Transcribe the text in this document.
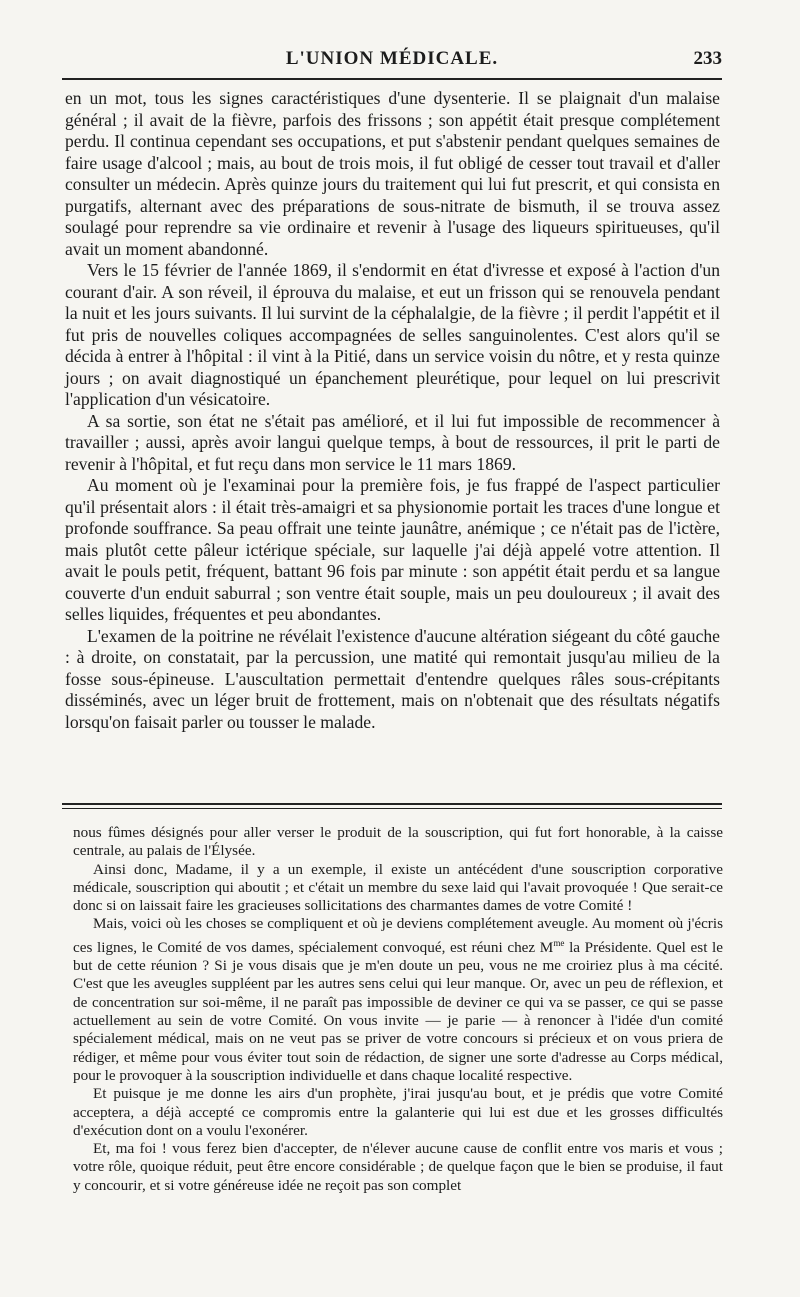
L'UNION MÉDICALE.	233

en un mot, tous les signes caractéristiques d'une dysenterie. Il se plaignait d'un malaise général ; il avait de la fièvre, parfois des frissons ; son appétit était presque complétement perdu. Il continua cependant ses occupations, et put s'abstenir pendant quelques semaines de faire usage d'alcool ; mais, au bout de trois mois, il fut obligé de cesser tout travail et d'aller consulter un médecin. Après quinze jours du traitement qui lui fut prescrit, et qui consista en purgatifs, alternant avec des préparations de sous-nitrate de bismuth, il se trouva assez soulagé pour reprendre sa vie ordinaire et revenir à l'usage des liqueurs spiritueuses, qu'il avait un moment abandonné.

Vers le 15 février de l'année 1869, il s'endormit en état d'ivresse et exposé à l'action d'un courant d'air. A son réveil, il éprouva du malaise, et eut un frisson qui se renouvela pendant la nuit et les jours suivants. Il lui survint de la céphalalgie, de la fièvre ; il perdit l'appétit et il fut pris de nouvelles coliques accompagnées de selles sanguinolentes. C'est alors qu'il se décida à entrer à l'hôpital : il vint à la Pitié, dans un service voisin du nôtre, et y resta quinze jours ; on avait diagnostiqué un épanchement pleurétique, pour lequel on lui prescrivit l'application d'un vésicatoire.

A sa sortie, son état ne s'était pas amélioré, et il lui fut impossible de recommencer à travailler ; aussi, après avoir langui quelque temps, à bout de ressources, il prit le parti de revenir à l'hôpital, et fut reçu dans mon service le 11 mars 1869.

Au moment où je l'examinai pour la première fois, je fus frappé de l'aspect particulier qu'il présentait alors : il était très-amaigri et sa physionomie portait les traces d'une longue et profonde souffrance. Sa peau offrait une teinte jaunâtre, anémique ; ce n'était pas de l'ictère, mais plutôt cette pâleur ictérique spéciale, sur laquelle j'ai déjà appelé votre attention. Il avait le pouls petit, fréquent, battant 96 fois par minute : son appétit était perdu et sa langue couverte d'un enduit saburral ; son ventre était souple, mais un peu douloureux ; il avait des selles liquides, fréquentes et peu abondantes.

L'examen de la poitrine ne révélait l'existence d'aucune altération siégeant du côté gauche : à droite, on constatait, par la percussion, une matité qui remontait jusqu'au milieu de la fosse sous-épineuse. L'auscultation permettait d'entendre quelques râles sous-crépitants disséminés, avec un léger bruit de frottement, mais on n'obtenait que des résultats négatifs lorsqu'on faisait parler ou tousser le malade.

nous fûmes désignés pour aller verser le produit de la souscription, qui fut fort honorable, à la caisse centrale, au palais de l'Élysée.

Ainsi donc, Madame, il y a un exemple, il existe un antécédent d'une souscription corporative médicale, souscription qui aboutit ; et c'était un membre du sexe laid qui l'avait provoquée ! Que serait-ce donc si on laissait faire les gracieuses sollicitations des charmantes dames de votre Comité !

Mais, voici où les choses se compliquent et où je deviens complétement aveugle. Au moment où j'écris ces lignes, le Comité de vos dames, spécialement convoqué, est réuni chez $M^{me}$ la Présidente. Quel est le but de cette réunion ? Si je vous disais que je m'en doute un peu, vous ne me croiriez plus à ma cécité. C'est que les aveugles suppléent par les autres sens celui qui leur manque. Or, avec un peu de réflexion, et de concentration sur soi-même, il ne paraît pas impossible de deviner ce qui va se passer, ce qui se passe actuellement au sein de votre Comité. On vous invite — je parie — à renoncer à l'idée d'un comité spécialement médical, mais on ne veut pas se priver de votre concours si précieux et on vous priera de rédiger, et même pour vous éviter tout soin de rédaction, de signer une sorte d'adresse au Corps médical, pour le provoquer à la souscription individuelle et dans chaque localité respective.

Et puisque je me donne les airs d'un prophète, j'irai jusqu'au bout, et je prédis que votre Comité acceptera, a déjà accepté ce compromis entre la galanterie qui lui est due et les grosses difficultés d'exécution dont on a voulu l'exonérer.

Et, ma foi ! vous ferez bien d'accepter, de n'élever aucune cause de conflit entre vos maris et vous ; votre rôle, quoique réduit, peut être encore considérable ; de quelque façon que le bien se produise, il faut y concourir, et si votre généreuse idée ne reçoit pas son complet
